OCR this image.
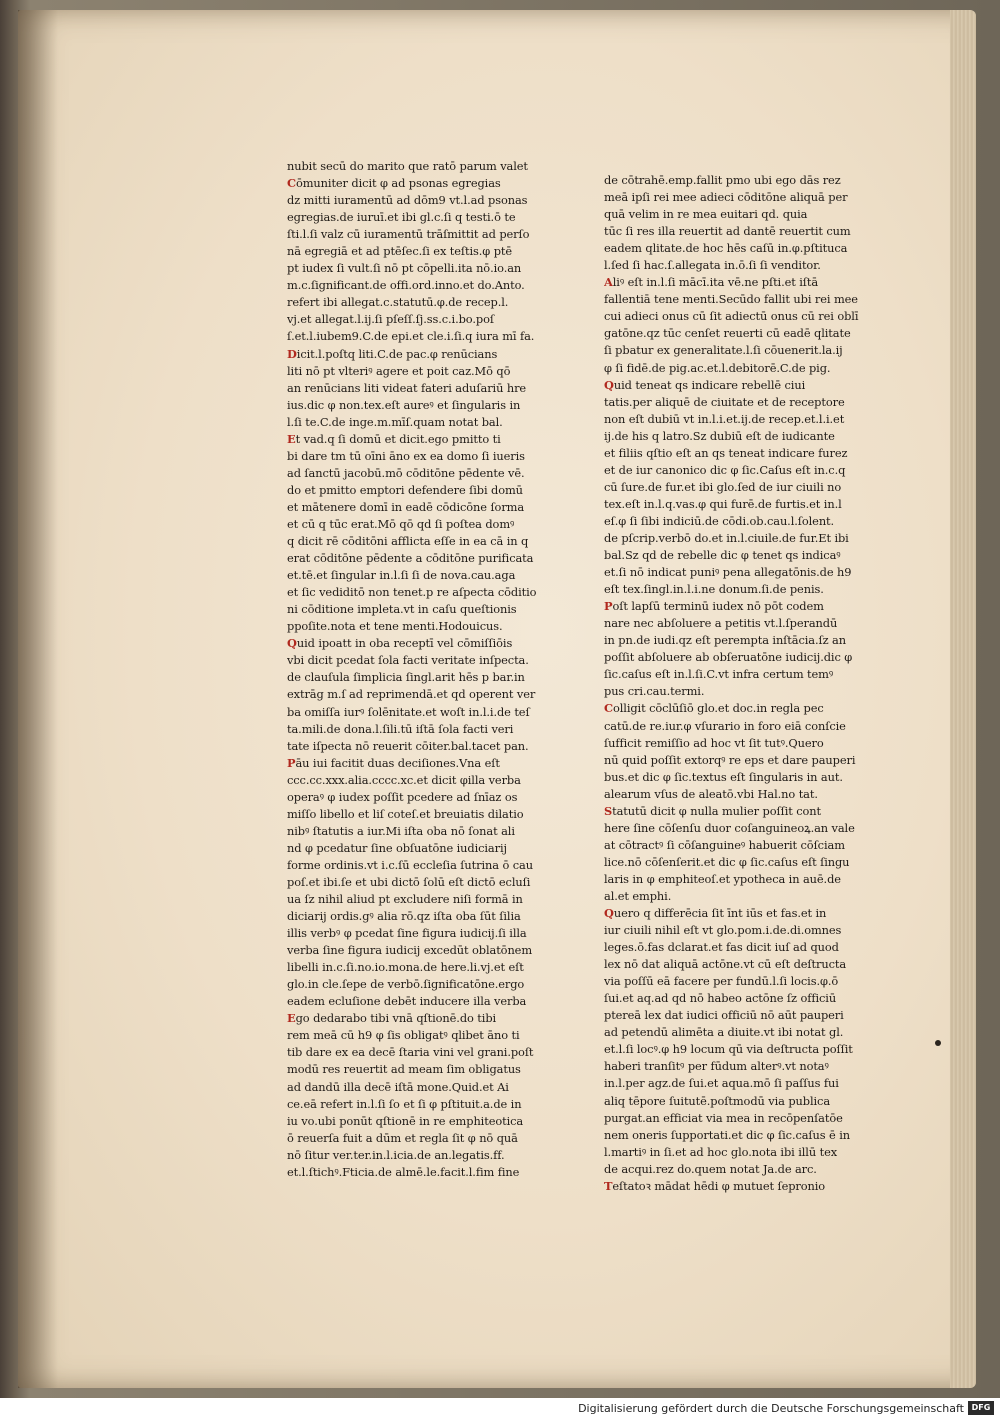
nubit secū do marito que ratō parum valet
Cōmuniter dicit φ ad psonas egregias
dz mitti iuramentū ad dōm9 vt.l.ad psonas
egregias.de iuruī.et ibi gl.c.ſi q testi.ō te
ſti.l.ſi valz cū iuramentū trāſmittit ad perſo
nā egregiā et ad ptēſec.ſi ex teſtis.φ ptē
pt iudex ſi vult.ſi nō pt cōpelli.ita nō.io.an
m.c.ſignificant.de offi.ord.inno.et do.Anto.
refert ibi allegat.c.statutū.φ.de recep.l.
vj.et allegat.l.ij.ſi pſeſſ.ſj.ss.c.i.bo.poſ
ſ.et.l.iubem9.C.de epi.et cle.i.ſi.q iura mī fa.
Dicit.l.poſtq liti.C.de pac.φ renūcians
liti nō pt vlteriꝰ agere et poit caz.Mō qō
an renūcians liti videat fateri aduſariū hre
ius.dic φ non.tex.eſt aureꝰ et ſingularis in
l.ſi te.C.de inge.m.mīſ.quam notat bal.
Et vad.q ſi domū et dicit.ego pmitto ti
bi dare tm tū oīni āno ex ea domo ſi iueris
ad ſanctū jacobū.mō cōditōne pēdente vē.
do et pmitto emptori defendere ſibi domū
et mātenere domī in eadē cōdicōne ſorma
et cū q tūc erat.Mō qō qd ſi poſtea domꝰ
q dicit rē cōditōni afflicta eſſe in ea cā in q
erat cōditōne pēdente a cōditōne purificata
et.tē.et ſingular in.l.ſi ſi de nova.cau.aga
et ſic vediditō non tenet.p re aſpecta cōditio
ni cōditione impleta.vt in caſu queſtionis
ppoſite.nota et tene menti.Hodouicus.
Quid ipoatt in oba receptī vel cōmiſſiōis
vbi dicit pcedat ſola facti veritate inſpecta.
de clauſula ſimplicia ſingl.arit hēs p bar.in
extrāg m.ſ ad reprimendā.et qd operent ver
ba omiſſa iurꝰ ſolēnitate.et woſt in.l.i.de teſ
ta.mili.de dona.l.ſili.tū iſtā ſola facti veri
tate iſpecta nō reuerit cōiter.bal.tacet pan.
Pāu iui facitit duas deciſiones.Vna eſt
ccc.cc.xxx.alia.cccc.xc.et dicit φilla verba
operaꝰ φ iudex poſſit pcedere ad ſnīaz os
miſſo libello et liſ coteſ.et breuiatis dilatio
nibꝰ ſtatutis a iur.Mi iſta oba nō ſonat ali
nd φ pcedatur ſine obſuatōne iudiciarij
forme ordinis.vt i.c.ſū eccleſia ſutrina ō cau
poſ.et ibi.ſe et ubi dictō ſolū eſt dictō ecluſi
ua ſz nihil aliud pt excludere niſi formā in
diciarij ordis.gꝰ alia rō.qz iſta oba ſūt ſilia
illis verbꝰ φ pcedat ſine figura iudicij.ſi illa
verba ſine figura iudicij excedūt oblatōnem
libelli in.c.ſi.no.io.mona.de here.li.vj.et eſt
glo.in cle.ſepe de verbō.ſignificatōne.ergo
eadem ecluſione debēt inducere illa verba
Ego dedarabo tibi vnā qſtionē.do tibi
rem meā cū h9 φ ſis obligatꝰ qlibet āno ti
tib dare ex ea decē ſtaria vini vel grani.poſt
modū res reuertit ad meam ſim obligatus
ad dandū illa decē iſtā mone.Quid.et Ai
ce.eā refert in.l.ſi ſo et ſi φ pſtituit.a.de in
iu vo.ubi ponūt qſtionē in re emphiteotica
ō reuerſa fuit a dūm et regla ſit φ nō quā
nō ſitur ver.ter.in.l.icia.de an.legatis.ff.
et.l.ſtichꝰ.Fticia.de almē.le.facit.l.fim fine
de cōtrahē.emp.fallit pmo ubi ego dās rez
meā ipſi rei mee adieci cōditōne aliquā per
quā velim in re mea euitari qd. quia
tūc ſi res illa reuertit ad dantē reuertit cum
eadem qlitate.de hoc hēs caſū in.φ.pſtituca
l.ſed ſi hac.ſ.allegata in.ō.ſi ſi venditor.
Aliꝰ eſt in.l.ſi mācī.ita vē.ne pſti.et iſtā
fallentiā tene menti.Secūdo fallit ubi rei mee
cui adieci onus cū ſit adiectū onus cū rei oblī
gatōne.qz tūc cenſet reuerti cū eadē qlitate
ſi pbatur ex generalitate.l.ſi cōuenerit.la.ij
φ ſi fidē.de pig.ac.et.l.debitorē.C.de pig.
Quid teneat qs indicare rebellē ciui
tatis.per aliquē de ciuitate et de receptore
non eſt dubiū vt in.l.i.et.ij.de recep.et.l.i.et
ij.de his q latro.Sz dubiū eſt de iudicante
et filiis qſtio eſt an qs teneat indicare furez
et de iur canonico dic φ ſic.Caſus eſt in.c.q
cū ſure.de fur.et ibi glo.ſed de iur ciuili no
tex.eſt in.l.q.vas.φ qui furē.de furtis.et in.l
eſ.φ ſi ſibi indiciū.de cōdi.ob.cau.l.ſolent.
de pſcrip.verbō do.et in.l.ciuile.de fur.Et ibi
bal.Sz qd de rebelle dic φ tenet qs indicaꝰ
et.ſi nō indicat puniꝰ pena allegatōnis.de h9
eſt tex.ſingl.in.l.i.ne donum.ſi.de penis.
Poſt lapſū terminū iudex nō pōt codem
nare nec abſoluere a petitis vt.l.ſperandū
in pn.de iudi.qz eſt perempta inſtācia.ſz an
poſſit abſoluere ab obſeruatōne iudicij.dic φ
ſic.caſus eſt in.l.ſi.C.vt infra certum temꝰ
pus cri.cau.termi.
Colligit cōclūſiō glo.et doc.in regla pec
catū.de re.iur.φ vſurario in foro eiā conſcie
ſufficit remiſſio ad hoc vt ſit tutꝰ.Quero
nū quid poſſit extorqꝰ re eps et dare pauperi
bus.et dic φ ſic.textus eſt ſingularis in aut.
alearum vſus de aleatō.vbi Hal.no tat.
Statutū dicit φ nulla mulier poſſit cont
here ſine cōſenſu duor coſanguineoꝝ.an vale
at cōtractꝰ ſi cōſanguineꝰ habuerit cōſciam
lice.nō cōſenſerit.et dic φ ſic.caſus eſt ſingu
laris in φ emphiteoſ.et ypotheca in auē.de
al.et emphi.
Quero q differēcia ſit īnt iūs et fas.et in
iur ciuili nihil eſt vt glo.pom.i.de.di.omnes
leges.ō.fas dclarat.et fas dicit iuſ ad quod
lex nō dat aliquā actōne.vt cū eſt deſtructa
via poſſū eā facere per fundū.l.ſi locis.φ.ō
ſui.et aq.ad qd nō habeo actōne ſz officiū
ptereā lex dat iudici officiū nō aūt pauperi
ad petendū alimēta a diuite.vt ibi notat gl.
et.l.ſi locꝰ.φ h9 locum qū via deſtructa poſſit
haberi tranſitꝰ per fūdum alterꝰ.vt notaꝰ
in.l.per agz.de ſui.et aqua.mō ſi paſſus fui
aliq tēpore ſuitutē.poſtmodū via publica
purgat.an efficiat via mea in recōpenſatōe
nem oneris ſupportati.et dic φ ſic.caſus ē in
l.martiꝰ in ſi.et ad hoc glo.nota ibi illū tex
de acqui.rez do.quem notat Ja.de arc.
Teſtatoꝛ mādat hēdi φ mutuet ſepronio
Digitalisierung gefördert durch die Deutsche Forschungsgemeinschaft DFG
